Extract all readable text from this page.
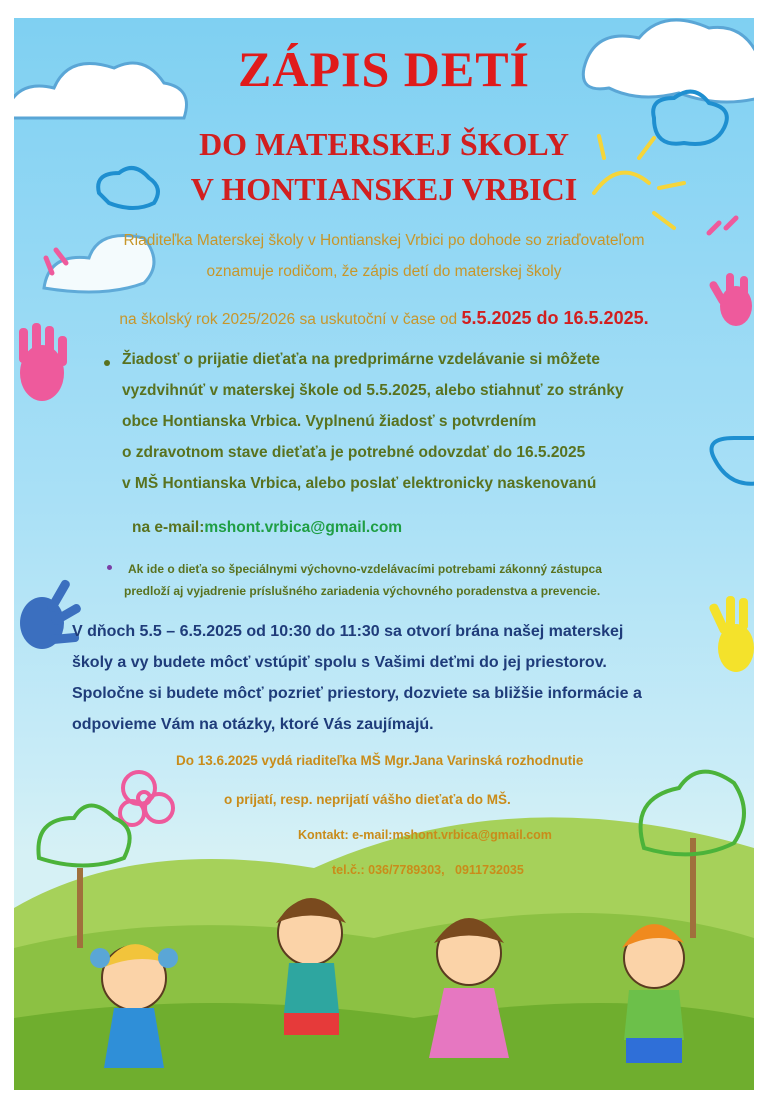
ZÁPIS DETÍ
DO MATERSKEJ ŠKOLY
V HONTIANSKEJ VRBICI
Riaditeľka Materskej školy v Hontianskej Vrbici po dohode so zriaďovateľom
oznamuje rodičom, že zápis detí do materskej školy
na školský rok 2025/2026 sa uskutoční v čase od 5.5.2025 do 16.5.2025.
Žiadosť o prijatie dieťaťa na predprimárne vzdelávanie si môžete
vyzdvihnúť v materskej škole od 5.5.2025, alebo stiahnuť zo stránky
obce Hontianska Vrbica. Vyplnenú žiadosť s potvrdením
o zdravotnom stave dieťaťa je potrebné odovzdať do 16.5.2025
v MŠ Hontianska Vrbica, alebo poslať elektronicky naskenovanú
na e-mail:mshont.vrbica@gmail.com
Ak ide o dieťa so špeciálnymi výchovno-vzdelávacími potrebami zákonný zástupca
predloží aj vyjadrenie príslušného zariadenia výchovného poradenstva a prevencie.
V dňoch 5.5 – 6.5.2025 od 10:30 do 11:30 sa otvorí brána našej materskej
školy a vy budete môcť vstúpiť spolu s Vašimi deťmi do jej priestorov.
Spoločne si budete môcť pozrieť priestory, dozviete sa bližšie informácie a
odpovieme Vám na otázky, ktoré Vás zaujímajú.
Do 13.6.2025 vydá riaditeľka MŠ Mgr.Jana Varinská rozhodnutie
o prijatí, resp. neprijatí vášho dieťaťa do MŠ.
Kontakt: e-mail:mshont.vrbica@gmail.com
tel.č.: 036/7789303,   0911732035
